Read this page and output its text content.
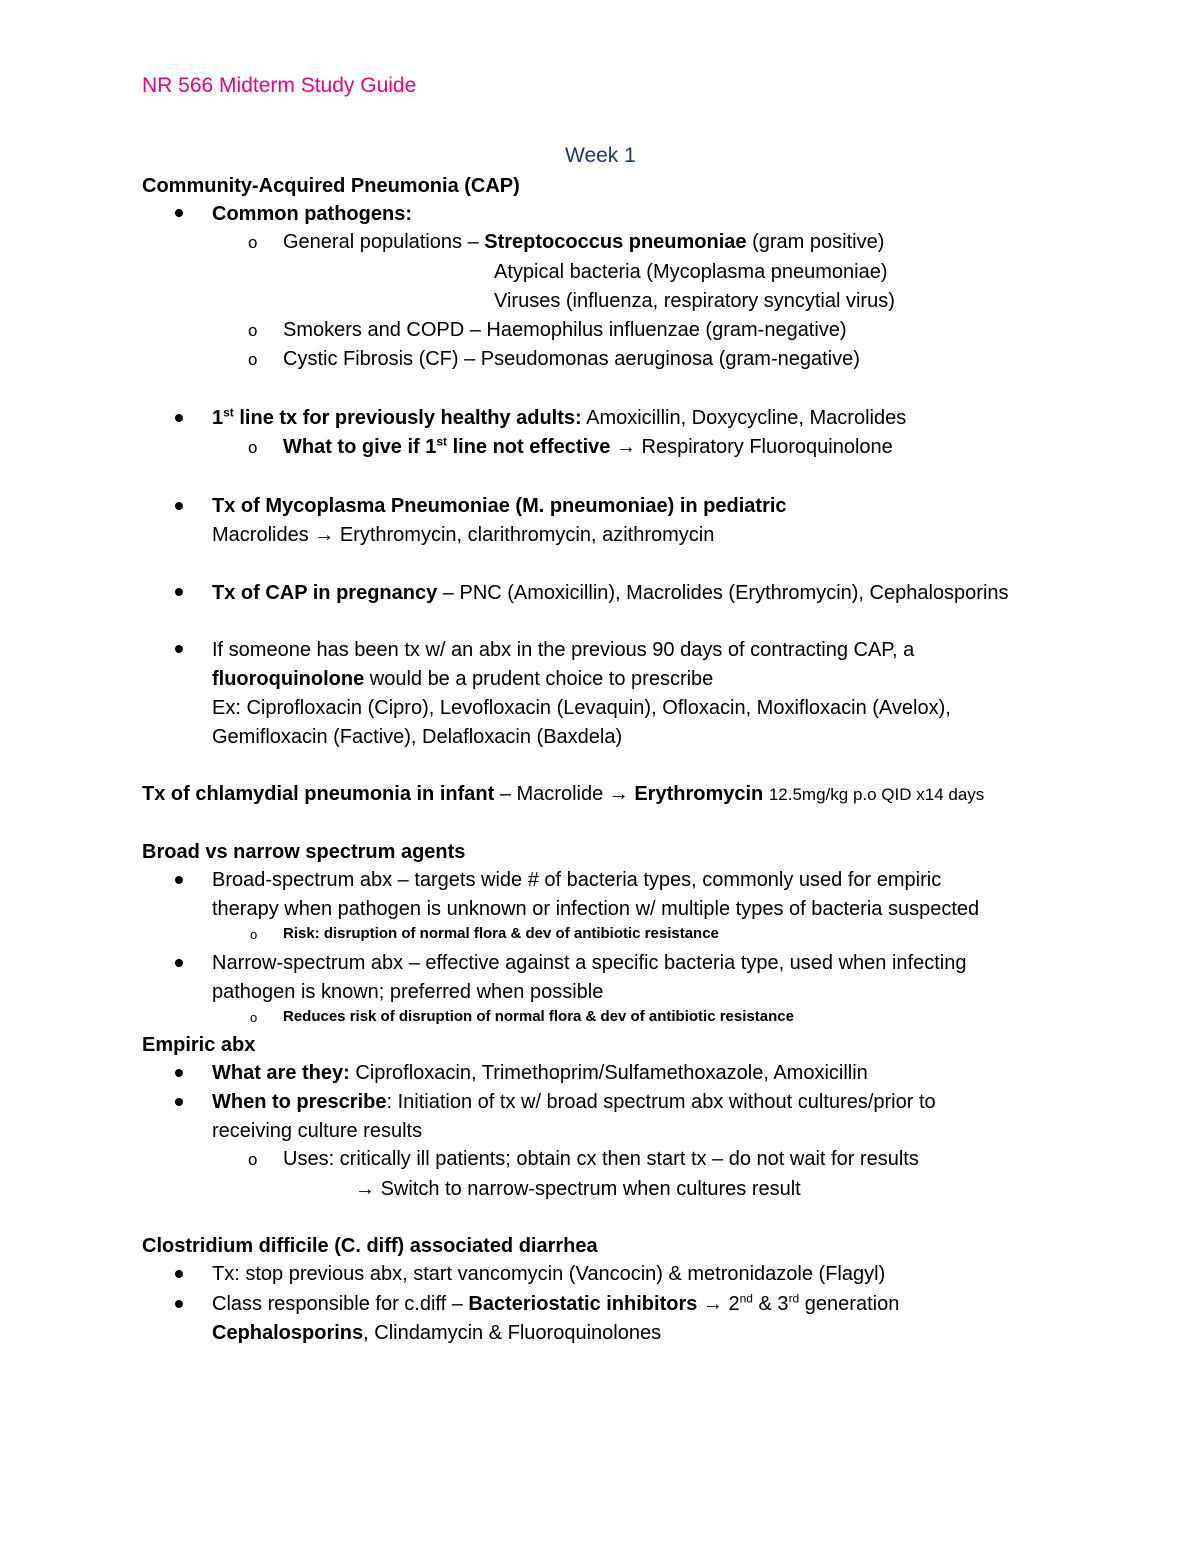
NR 566 Midterm Study Guide
Week 1
Community-Acquired Pneumonia (CAP)
Common pathogens:
o General populations – Streptococcus pneumoniae (gram positive)
Atypical bacteria (Mycoplasma pneumoniae)
Viruses (influenza, respiratory syncytial virus)
o Smokers and COPD – Haemophilus influenzae (gram-negative)
o Cystic Fibrosis (CF) – Pseudomonas aeruginosa (gram-negative)
1st line tx for previously healthy adults: Amoxicillin, Doxycycline, Macrolides
o What to give if 1st line not effective → Respiratory Fluoroquinolone
Tx of Mycoplasma Pneumoniae (M. pneumoniae) in pediatric
Macrolides → Erythromycin, clarithromycin, azithromycin
Tx of CAP in pregnancy – PNC (Amoxicillin), Macrolides (Erythromycin), Cephalosporins
If someone has been tx w/ an abx in the previous 90 days of contracting CAP, a
fluoroquinolone would be a prudent choice to prescribe
Ex: Ciprofloxacin (Cipro), Levofloxacin (Levaquin), Ofloxacin, Moxifloxacin (Avelox),
Gemifloxacin (Factive), Delafloxacin (Baxdela)
Tx of chlamydial pneumonia in infant – Macrolide → Erythromycin 12.5mg/kg p.o QID x14 days
Broad vs narrow spectrum agents
Broad-spectrum abx – targets wide # of bacteria types, commonly used for empiric
therapy when pathogen is unknown or infection w/ multiple types of bacteria suspected
o Risk: disruption of normal flora & dev of antibiotic resistance
Narrow-spectrum abx – effective against a specific bacteria type, used when infecting
pathogen is known; preferred when possible
o Reduces risk of disruption of normal flora & dev of antibiotic resistance
Empiric abx
What are they: Ciprofloxacin, Trimethoprim/Sulfamethoxazole, Amoxicillin
When to prescribe: Initiation of tx w/ broad spectrum abx without cultures/prior to
receiving culture results
o Uses: critically ill patients; obtain cx then start tx – do not wait for results
→ Switch to narrow-spectrum when cultures result
Clostridium difficile (C. diff) associated diarrhea
Tx: stop previous abx, start vancomycin (Vancocin) & metronidazole (Flagyl)
Class responsible for c.diff – Bacteriostatic inhibitors → 2nd & 3rd generation
Cephalosporins, Clindamycin & Fluoroquinolones
